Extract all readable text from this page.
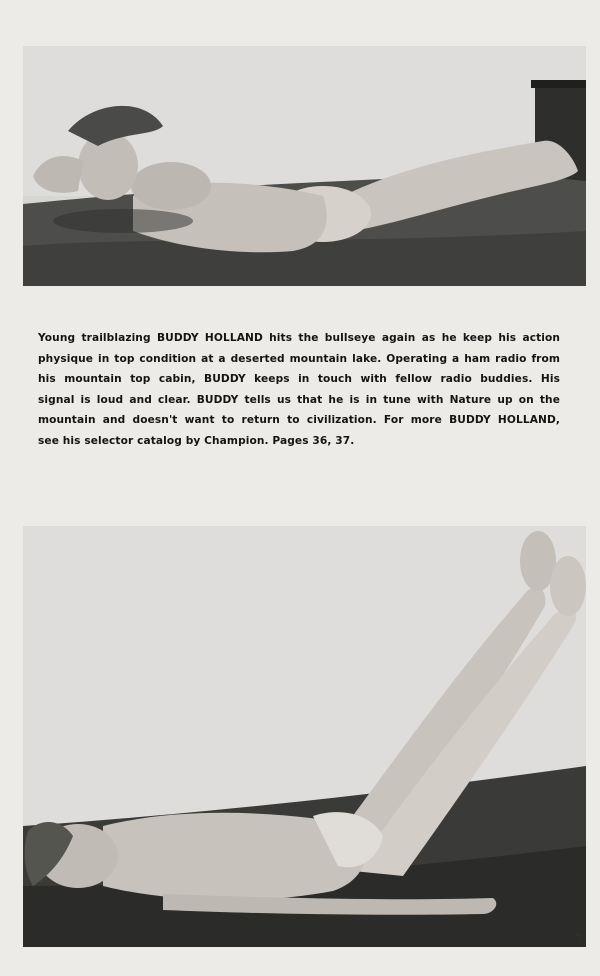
Young trailblazing BUDDY HOLLAND hits the bullseye again as he keep his action
physique in top condition at a deserted mountain lake. Operating a ham radio from
his mountain top cabin, BUDDY keeps in touch with fellow radio buddies. His
signal is loud and clear. BUDDY tells us that he is in tune with Nature up on the
mountain and doesn't want to return to civilization. For more BUDDY HOLLAND,
see his selector catalog by Champion. Pages 36, 37.
7
